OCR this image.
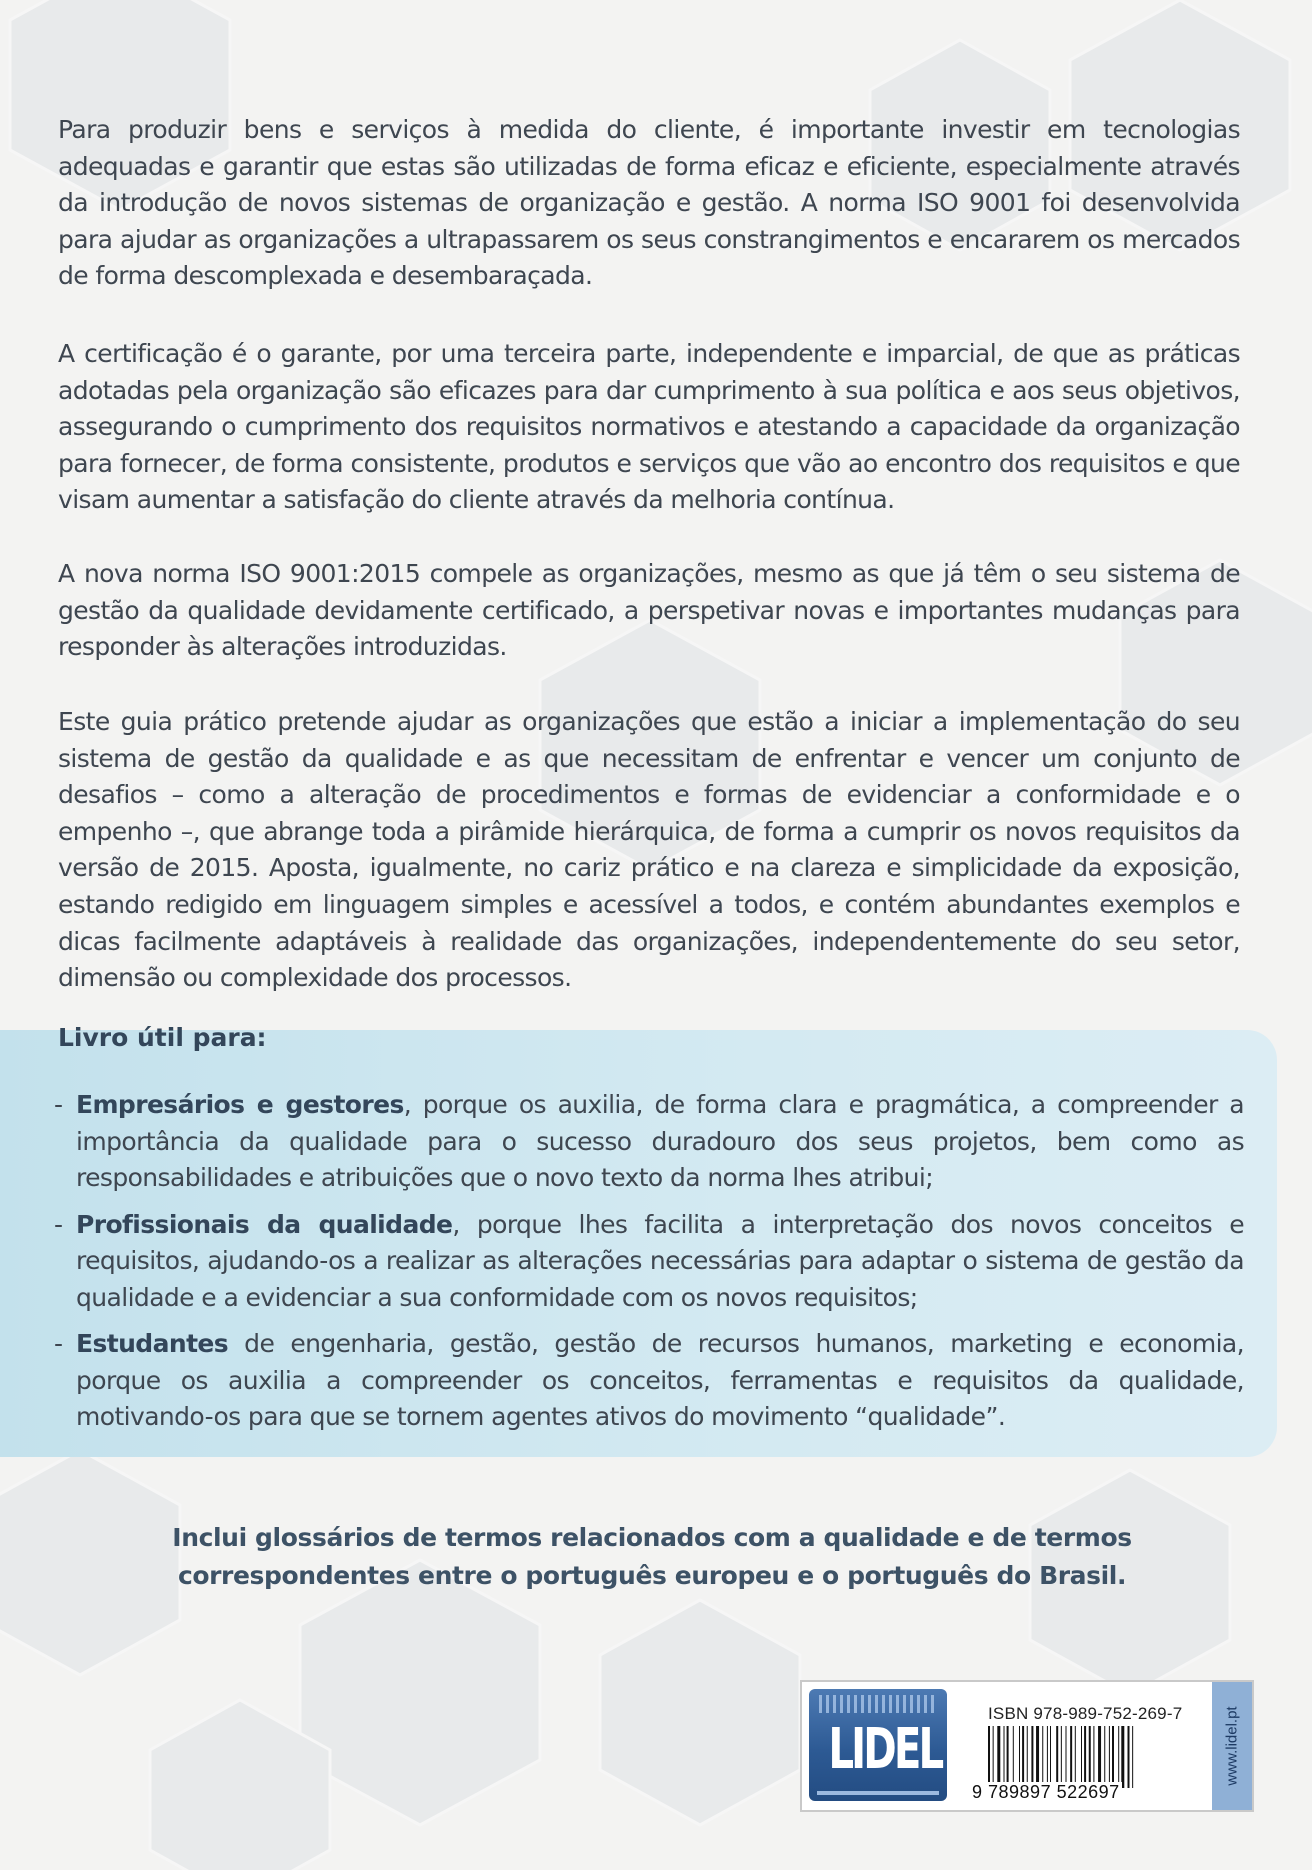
Para produzir bens e serviços à medida do cliente, é importante investir em tecnologias adequadas e garantir que estas são utilizadas de forma eficaz e eficiente, especialmente através da introdução de novos sistemas de organização e gestão. A norma ISO 9001 foi desenvolvida para ajudar as organizações a ultrapassarem os seus constrangimentos e encararem os mercados de forma descomplexada e desembaraçada.

A certificação é o garante, por uma terceira parte, independente e imparcial, de que as práticas adotadas pela organização são eficazes para dar cumprimento à sua política e aos seus objetivos, assegurando o cumprimento dos requisitos normativos e atestando a capacidade da organização para fornecer, de forma consistente, produtos e serviços que vão ao encontro dos requisitos e que visam aumentar a satisfação do cliente através da melhoria contínua.

A nova norma ISO 9001:2015 compele as organizações, mesmo as que já têm o seu sistema de gestão da qualidade devidamente certificado, a perspetivar novas e importantes mudanças para responder às alterações introduzidas.

Este guia prático pretende ajudar as organizações que estão a iniciar a implementação do seu sistema de gestão da qualidade e as que necessitam de enfrentar e vencer um conjunto de desafios – como a alteração de procedimentos e formas de evidenciar a conformidade e o empenho –, que abrange toda a pirâmide hierárquica, de forma a cumprir os novos requisitos da versão de 2015. Aposta, igualmente, no cariz prático e na clareza e simplicidade da exposição, estando redigido em linguagem simples e acessível a todos, e contém abundantes exemplos e dicas facilmente adaptáveis à realidade das organizações, independentemente do seu setor, dimensão ou complexidade dos processos.

Livro útil para:
- Empresários e gestores, porque os auxilia, de forma clara e pragmática, a compreender a importância da qualidade para o sucesso duradouro dos seus projetos, bem como as responsabilidades e atribuições que o novo texto da norma lhes atribui;
- Profissionais da qualidade, porque lhes facilita a interpretação dos novos conceitos e requisitos, ajudando-os a realizar as alterações necessárias para adaptar o sistema de gestão da qualidade e a evidenciar a sua conformidade com os novos requisitos;
- Estudantes de engenharia, gestão, gestão de recursos humanos, marketing e economia, porque os auxilia a compreender os conceitos, ferramentas e requisitos da qualidade, motivando-os para que se tornem agentes ativos do movimento “qualidade”.

Inclui glossários de termos relacionados com a qualidade e de termos correspondentes entre o português europeu e o português do Brasil.

LIDEL
ISBN 978-989-752-269-7
9 789897 522697
www.lidel.pt
